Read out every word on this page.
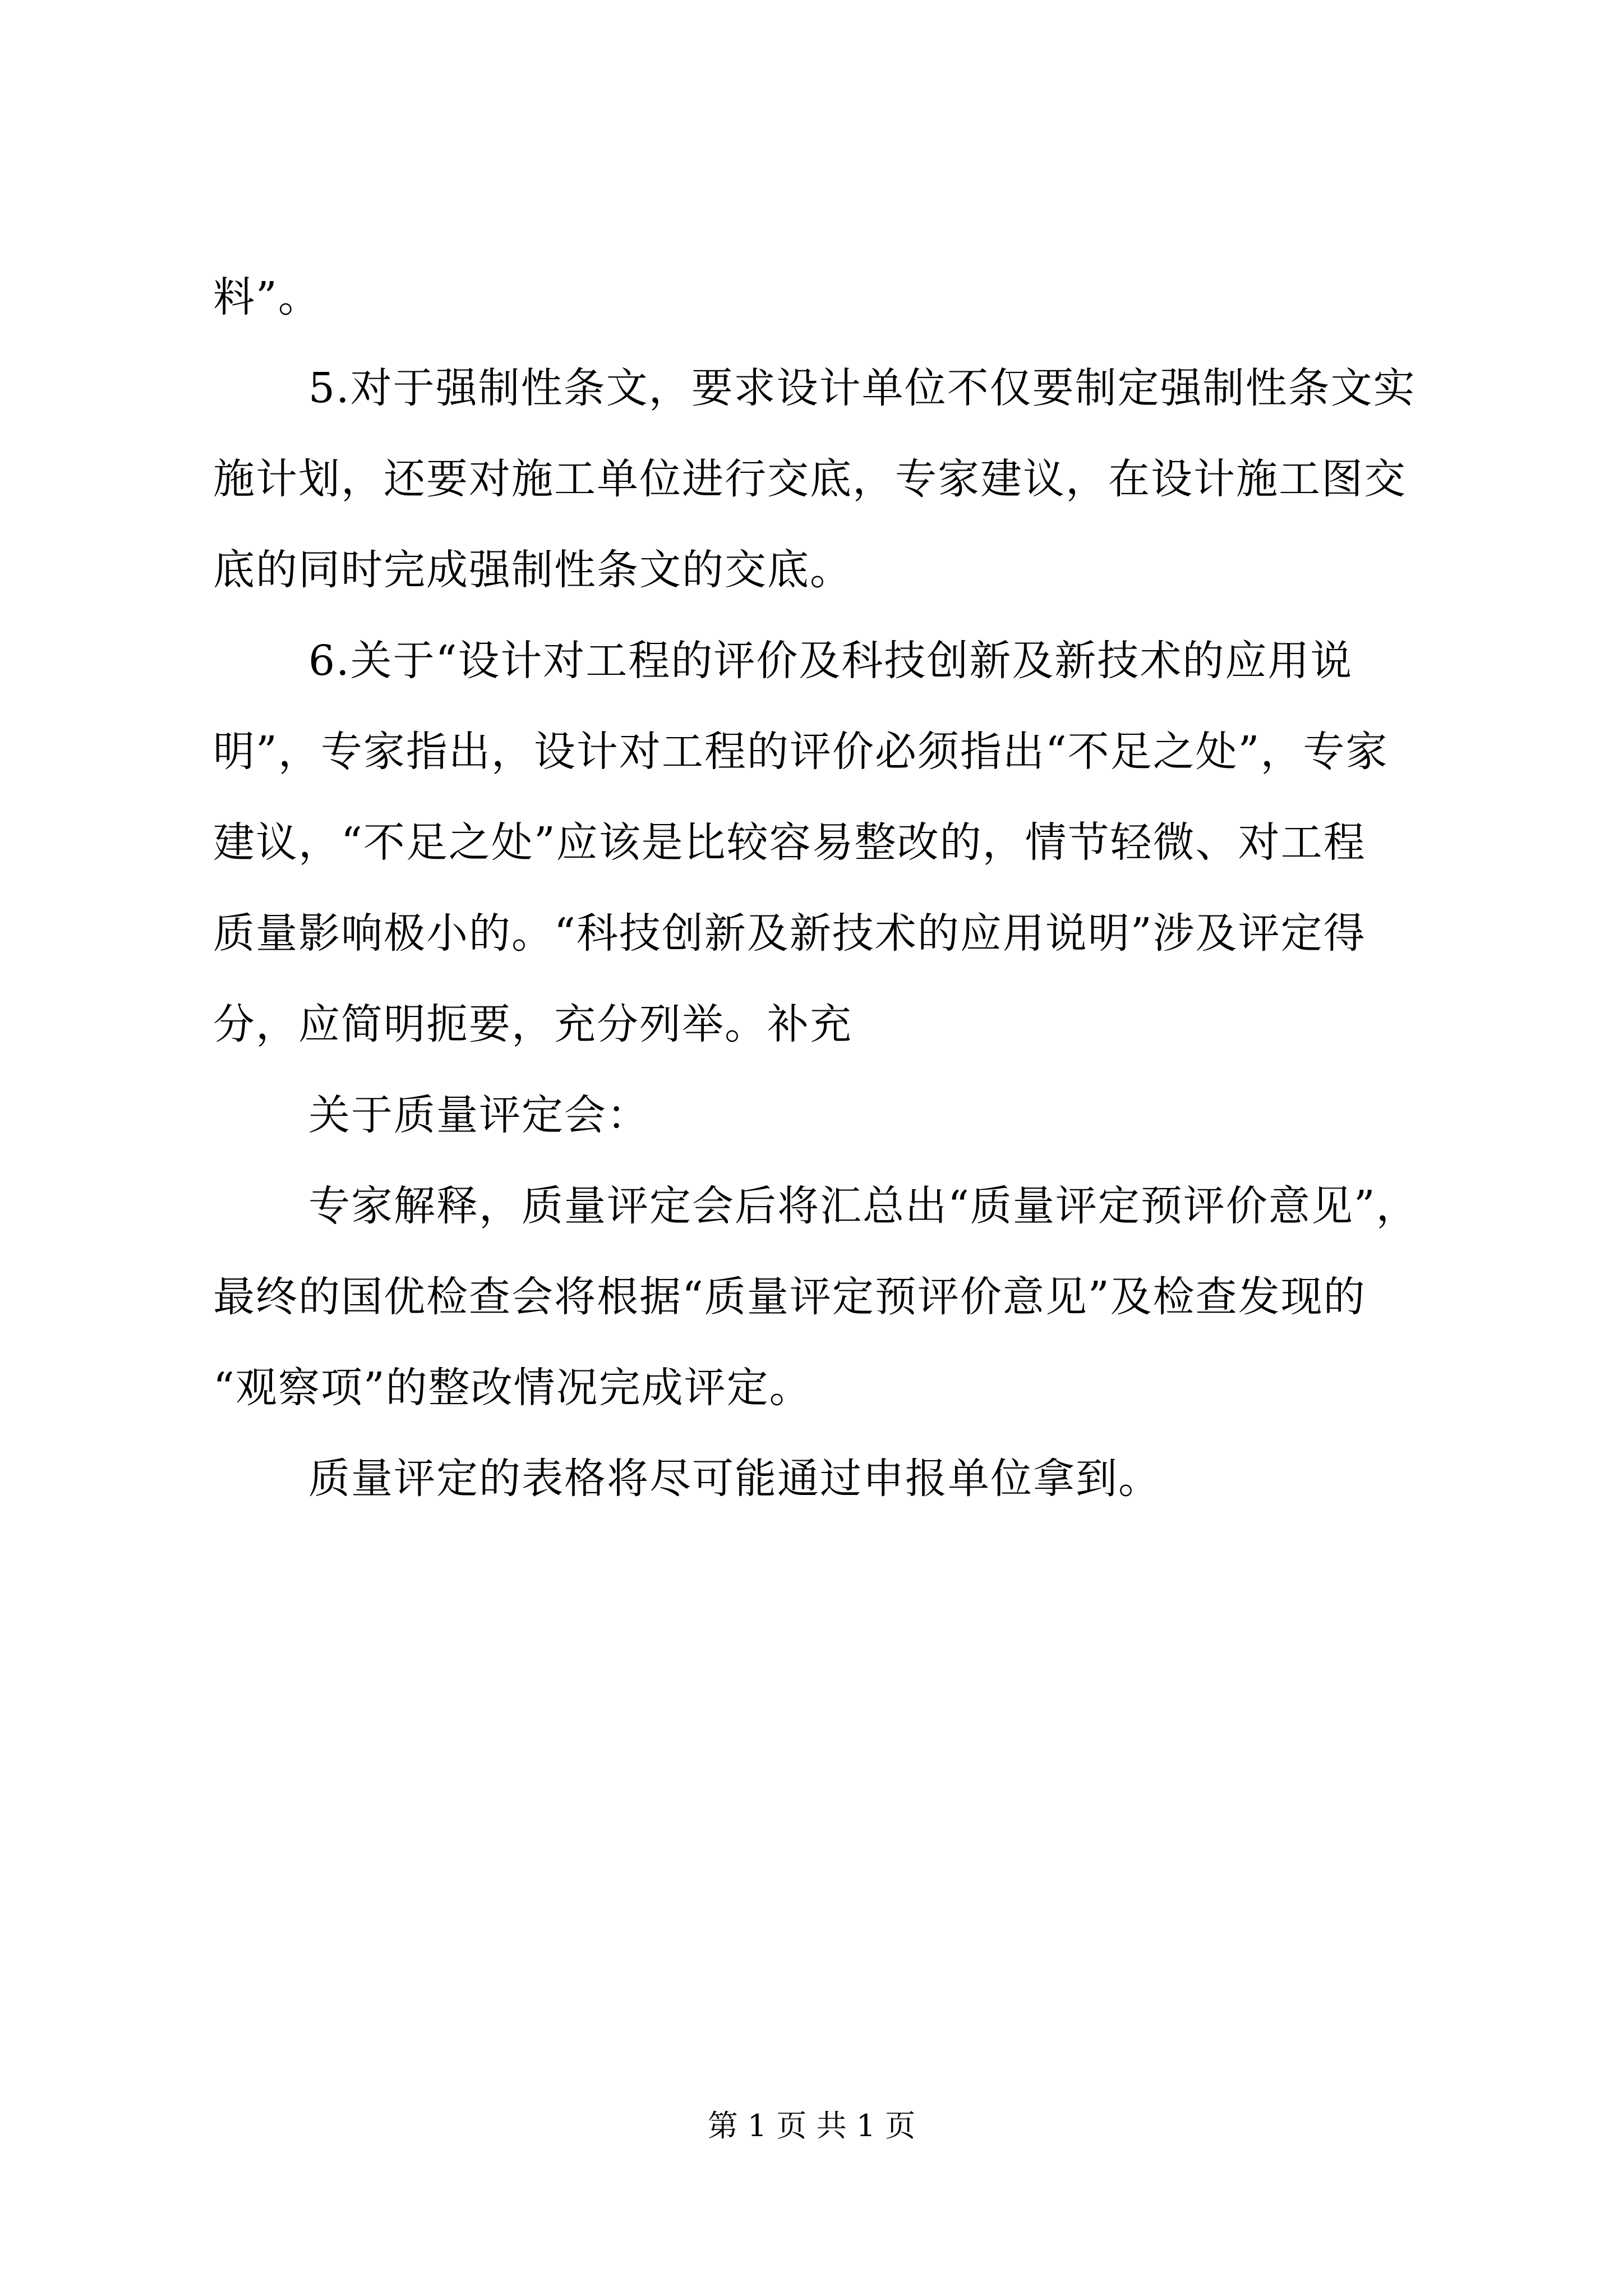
料”。
5.对于强制性条文，要求设计单位不仅要制定强制性条文实
施计划，还要对施工单位进行交底，专家建议，在设计施工图交
底的同时完成强制性条文的交底。
6.关于“设计对工程的评价及科技创新及新技术的应用说
明”，专家指出，设计对工程的评价必须指出“不足之处”，专家
建议，“不足之处”应该是比较容易整改的，情节轻微、对工程
质量影响极小的。“科技创新及新技术的应用说明”涉及评定得
分，应简明扼要，充分列举。补充
关于质量评定会：
专家解释，质量评定会后将汇总出“质量评定预评价意见”，
最终的国优检查会将根据“质量评定预评价意见”及检查发现的
“观察项”的整改情况完成评定。
质量评定的表格将尽可能通过申报单位拿到。
第 1 页 共 1 页
